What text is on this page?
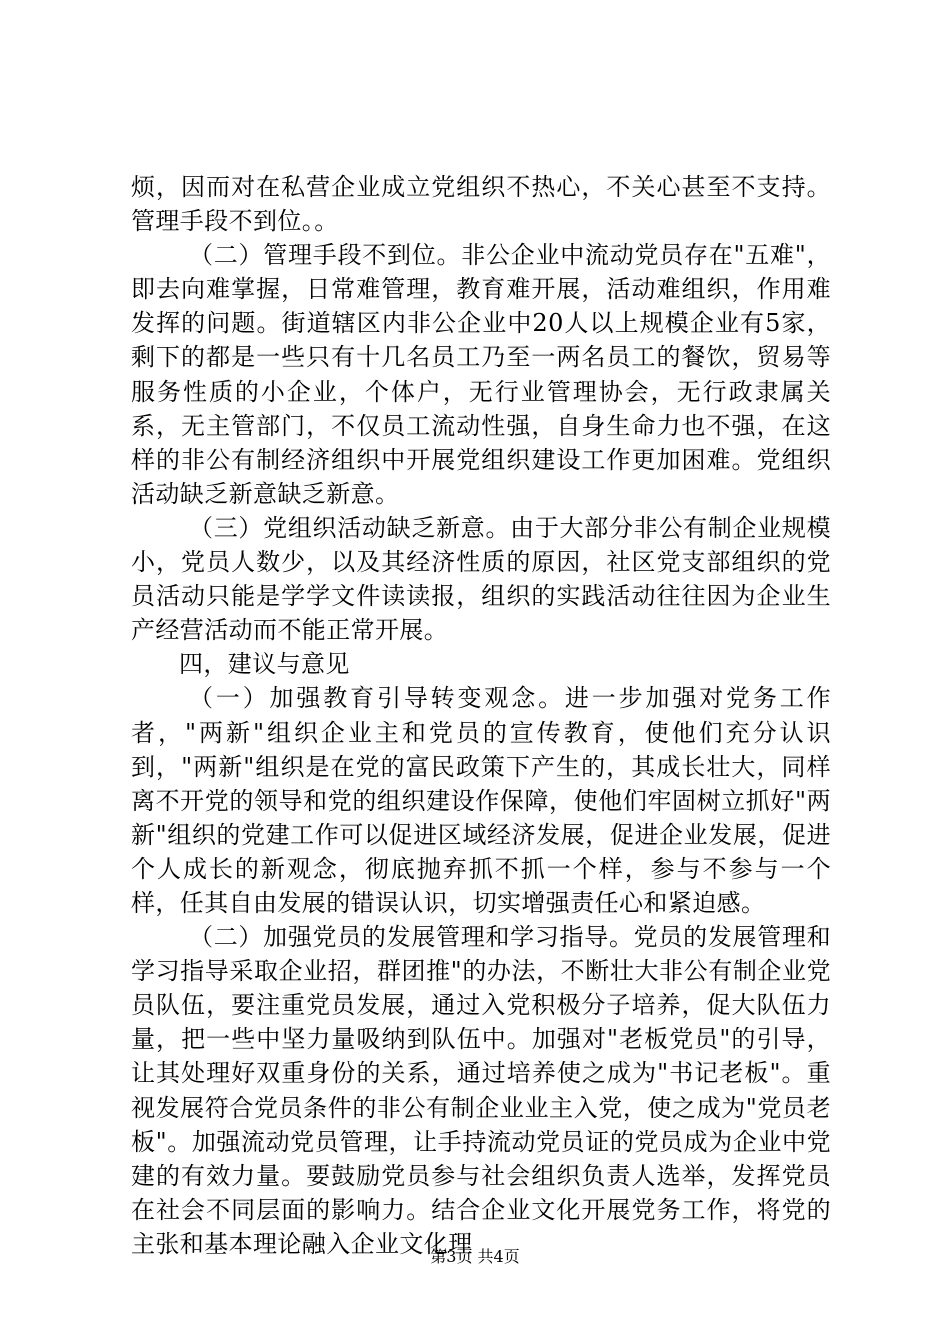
烦，因而对在私营企业成立党组织不热心，不关心甚至不支持。管理手段不到位。。

（二）管理手段不到位。非公企业中流动党员存在"五难"，即去向难掌握，日常难管理，教育难开展，活动难组织，作用难发挥的问题。街道辖区内非公企业中20人以上规模企业有5家，剩下的都是一些只有十几名员工乃至一两名员工的餐饮，贸易等服务性质的小企业，个体户，无行业管理协会，无行政隶属关系，无主管部门，不仅员工流动性强，自身生命力也不强，在这样的非公有制经济组织中开展党组织建设工作更加困难。党组织活动缺乏新意缺乏新意。

（三）党组织活动缺乏新意。由于大部分非公有制企业规模小，党员人数少，以及其经济性质的原因，社区党支部组织的党员活动只能是学学文件读读报，组织的实践活动往往因为企业生产经营活动而不能正常开展。

四，建议与意见

（一）加强教育引导转变观念。进一步加强对党务工作者，"两新"组织企业主和党员的宣传教育，使他们充分认识到，"两新"组织是在党的富民政策下产生的，其成长壮大，同样离不开党的领导和党的组织建设作保障，使他们牢固树立抓好"两新"组织的党建工作可以促进区域经济发展，促进企业发展，促进个人成长的新观念，彻底抛弃抓不抓一个样，参与不参与一个样，任其自由发展的错误认识，切实增强责任心和紧迫感。

（二）加强党员的发展管理和学习指导。党员的发展管理和学习指导采取企业招，群团推"的办法，不断壮大非公有制企业党员队伍，要注重党员发展，通过入党积极分子培养，促大队伍力量，把一些中坚力量吸纳到队伍中。加强对"老板党员"的引导，让其处理好双重身份的关系，通过培养使之成为"书记老板"。重视发展符合党员条件的非公有制企业业主入党，使之成为"党员老板"。加强流动党员管理，让手持流动党员证的党员成为企业中党建的有效力量。要鼓励党员参与社会组织负责人选举，发挥党员在社会不同层面的影响力。结合企业文化开展党务工作，将党的主张和基本理论融入企业文化理

第3页 共4页
